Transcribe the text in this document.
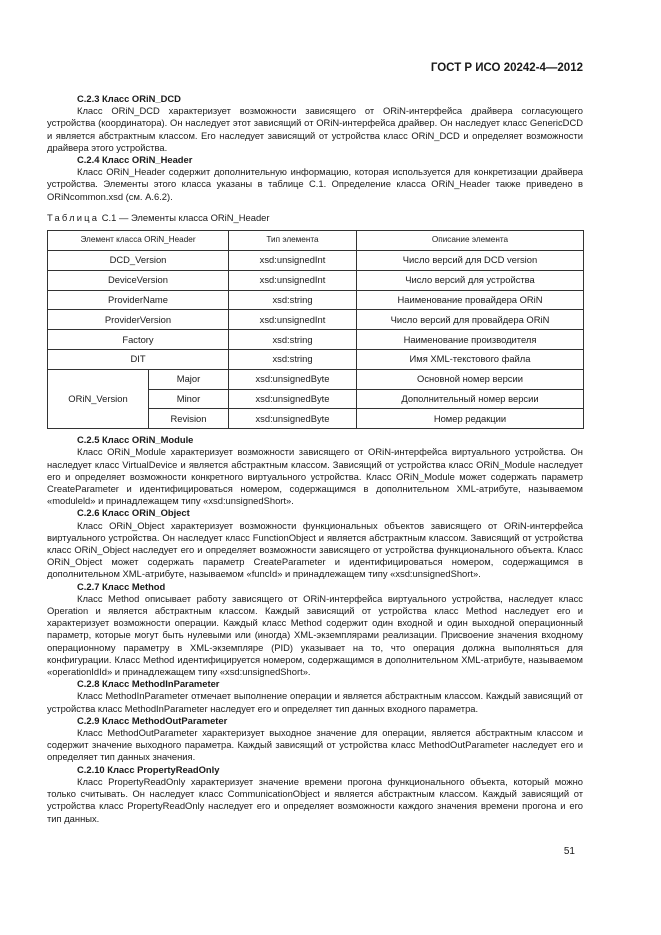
ГОСТ Р ИСО 20242-4—2012
C.2.3 Класс ORiN_DCD
Класс ORiN_DCD характеризует возможности зависящего от ORiN-интерфейса драйвера согласующего устройства (координатора). Он наследует этот зависящий от ORiN-интерфейса драйвер. Он наследует класс GenericDCD и является абстрактным классом. Его наследует зависящий от устройства класс ORiN_DCD и определяет возможности драйвера этого устройства.
C.2.4 Класс ORiN_Header
Класс ORiN_Header содержит дополнительную информацию, которая используется для конкретизации драйвера устройства. Элементы этого класса указаны в таблице С.1. Определение класса ORiN_Header также приведено в ORiNcommon.xsd (см. A.6.2).
Таблица С.1 — Элементы класса ORiN_Header
Элемент класса ORiN_Header		Тип элемента	Описание элемента
DCD_Version		xsd:unsignedInt	Число версий для DCD version
DeviceVersion		xsd:unsignedInt	Число версий для устройства
ProviderName		xsd:string	Наименование провайдера ORiN
ProviderVersion		xsd:unsignedInt	Число версий для провайдера ORiN
Factory		xsd:string	Наименование производителя
DIT		xsd:string	Имя XML-текстового файла
ORiN_Version	Major	xsd:unsignedByte	Основной номер версии
	Minor	xsd:unsignedByte	Дополнительный номер версии
	Revision	xsd:unsignedByte	Номер редакции
C.2.5 Класс ORiN_Module
Класс ORiN_Module характеризует возможности зависящего от ORiN-интерфейса виртуального устройства. Он наследует класс VirtualDevice и является абстрактным классом. Зависящий от устройства класс ORiN_Module наследует его и определяет возможности конкретного виртуального устройства. Класс ORiN_Module может содержать параметр CreateParameter и идентифицироваться номером, содержащимся в дополнительном XML-атрибуте, называемом «moduleld» и принадлежащем типу «xsd:unsignedShort».
C.2.6 Класс ORiN_Object
Класс ORiN_Object характеризует возможности функциональных объектов зависящего от ORiN-интерфейса виртуального устройства. Он наследует класс FunctionObject и является абстрактным классом. Зависящий от устройства класс ORiN_Object наследует его и определяет возможности зависящего от устройства функционального объекта. Класс ORiN_Object может содержать параметр CreateParameter и идентифицироваться номером, содержащимся в дополнительном XML-атрибуте, называемом «funcId» и принадлежащем типу «xsd:unsignedShort».
C.2.7 Класс Method
Класс Method описывает работу зависящего от ORiN-интерфейса виртуального устройства, наследует класс Operation и является абстрактным классом. Каждый зависящий от устройства класс Method наследует его и характеризует возможности операции. Каждый класс Method содержит один входной и один выходной операционный параметр, которые могут быть нулевыми или (иногда) XML-экземплярами реализации. Присвоение значения входному операционному параметру в XML-экземпляре (PID) указывает на то, что операция должна выполняться для конфигурации. Класс Method идентифицируется номером, содержащимся в дополнительном XML-атрибуте, называемом «operationIdId» и принадлежащем типу «xsd:unsignedShort».
C.2.8 Класс MethodInParameter
Класс MethodInParameter отмечает выполнение операции и является абстрактным классом. Каждый зависящий от устройства класс MethodInParameter наследует его и определяет тип данных входного параметра.
C.2.9 Класс MethodOutParameter
Класс MethodOutParameter характеризует выходное значение для операции, является абстрактным классом и содержит значение выходного параметра. Каждый зависящий от устройства класс MethodOutParameter наследует его и определяет тип данных значения.
C.2.10 Класс PropertyReadOnly
Класс PropertyReadOnly характеризует значение времени прогона функционального объекта, который можно только считывать. Он наследует класс CommunicationObject и является абстрактным классом. Каждый зависящий от устройства класс PropertyReadOnly наследует его и определяет возможности каждого значения времени прогона и его тип данных.
51
